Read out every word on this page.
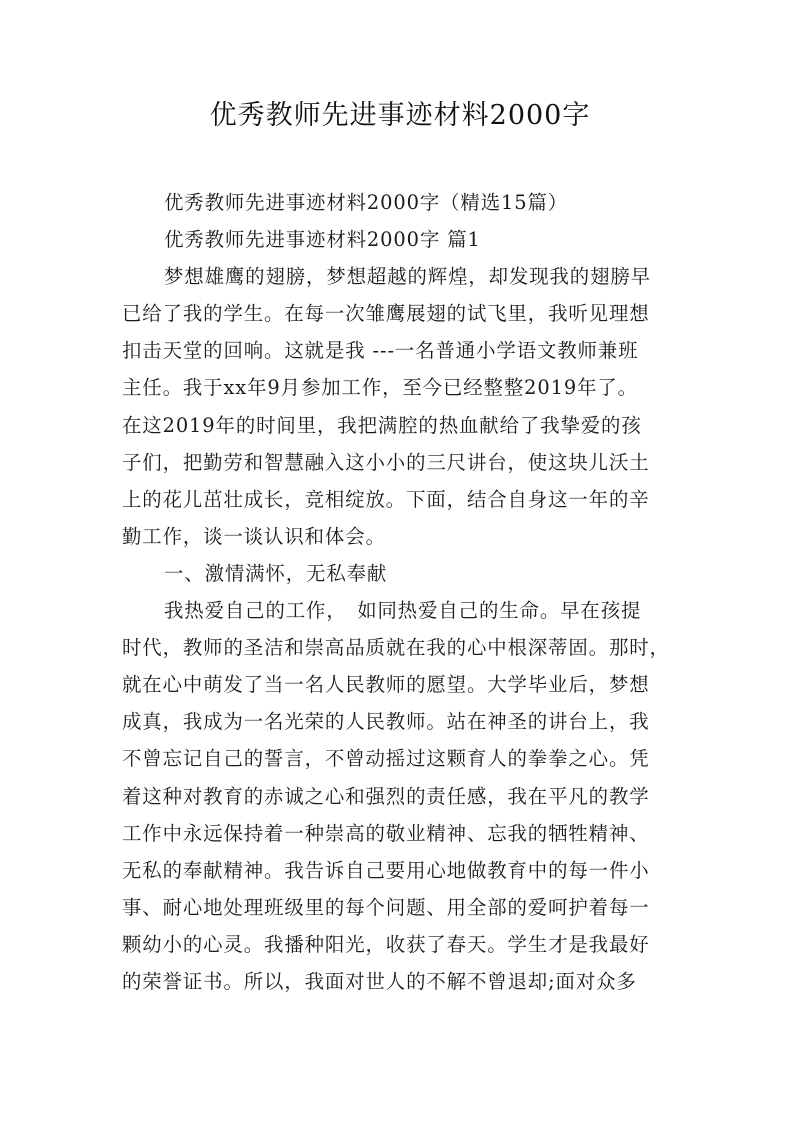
优秀教师先进事迹材料2000字
优秀教师先进事迹材料2000字（精选15篇）
优秀教师先进事迹材料2000字 篇1
梦想雄鹰的翅膀，梦想超越的辉煌，却发现我的翅膀早
已给了我的学生。在每一次雏鹰展翅的试飞里，我听见理想
扣击天堂的回响。这就是我 ---一名普通小学语文教师兼班
主任。我于xx年9月参加工作，至今已经整整2019年了。
在这2019年的时间里，我把满腔的热血献给了我挚爱的孩
子们，把勤劳和智慧融入这小小的三尺讲台，使这块儿沃土
上的花儿茁壮成长，竞相绽放。下面，结合自身这一年的辛
勤工作，谈一谈认识和体会。
一、激情满怀，无私奉献
我热爱自己的工作，　如同热爱自己的生命。早在孩提
时代，教师的圣洁和崇高品质就在我的心中根深蒂固。那时，
就在心中萌发了当一名人民教师的愿望。大学毕业后，梦想
成真，我成为一名光荣的人民教师。站在神圣的讲台上，我
不曾忘记自己的誓言，不曾动摇过这颗育人的拳拳之心。凭
着这种对教育的赤诚之心和强烈的责任感，我在平凡的教学
工作中永远保持着一种崇高的敬业精神、忘我的牺牲精神、
无私的奉献精神。我告诉自己要用心地做教育中的每一件小
事、耐心地处理班级里的每个问题、用全部的爱呵护着每一
颗幼小的心灵。我播种阳光，收获了春天。学生才是我最好
的荣誉证书。所以，我面对世人的不解不曾退却;面对众多
